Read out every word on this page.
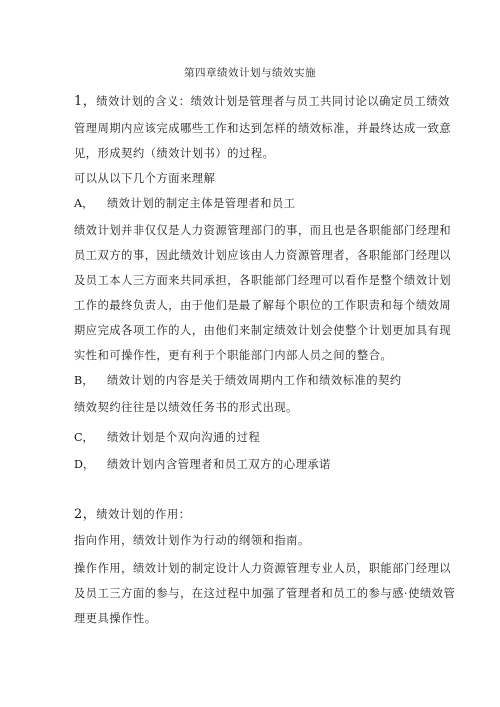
第四章绩效计划与绩效实施
1，绩效计划的含义：绩效计划是管理者与员工共同讨论以确定员工绩效
管理周期内应该完成哪些工作和达到怎样的绩效标准，并最终达成一致意
见，形成契约（绩效计划书）的过程。
可以从以下几个方面来理解
A， 绩效计划的制定主体是管理者和员工
绩效计划并非仅仅是人力资源管理部门的事，而且也是各职能部门经理和
员工双方的事，因此绩效计划应该由人力资源管理者，各职能部门经理以
及员工本人三方面来共同承担，各职能部门经理可以看作是整个绩效计划
工作的最终负责人，由于他们是最了解每个职位的工作职责和每个绩效周
期应完成各项工作的人，由他们来制定绩效计划会使整个计划更加具有现
实性和可操作性，更有利于个职能部门内部人员之间的整合。
B， 绩效计划的内容是关于绩效周期内工作和绩效标准的契约
绩效契约往往是以绩效任务书的形式出现。
C， 绩效计划是个双向沟通的过程
D， 绩效计划内含管理者和员工双方的心理承诺
2，绩效计划的作用：
指向作用，绩效计划作为行动的纲领和指南。
操作作用，绩效计划的制定设计人力资源管理专业人员，职能部门经理以
及员工三方面的参与，在这过程中加强了管理者和员工的参与感·使绩效管
理更具操作性。
